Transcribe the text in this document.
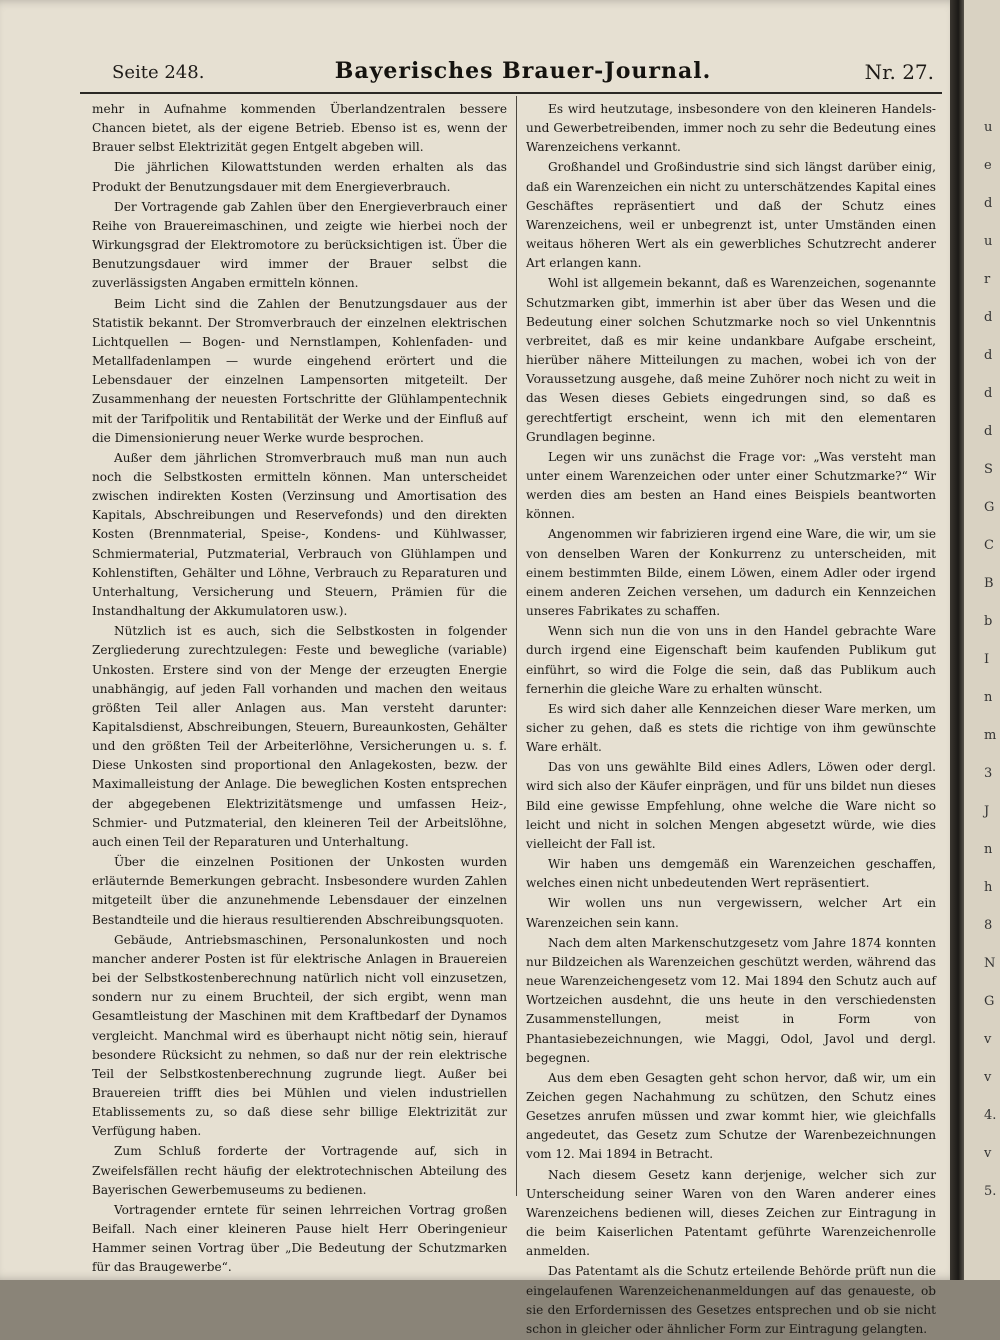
Seite 248.	Bayerisches Brauer-Journal.	Nr. 27.

mehr in Aufnahme kommenden Überlandzentralen bessere Chancen bietet, als der eigene Betrieb. Ebenso ist es, wenn der Brauer selbst Elektrizität gegen Entgelt abgeben will.

Die jährlichen Kilowattstunden werden erhalten als das Produkt der Benutzungsdauer mit dem Energieverbrauch.

Der Vortragende gab Zahlen über den Energieverbrauch einer Reihe von Brauereimaschinen, und zeigte wie hierbei noch der Wirkungsgrad der Elektromotore zu berücksichtigen ist. Über die Benutzungsdauer wird immer der Brauer selbst die zuverlässigsten Angaben ermitteln können.

Beim Licht sind die Zahlen der Benutzungsdauer aus der Statistik bekannt. Der Stromverbrauch der einzelnen elektrischen Lichtquellen — Bogen- und Nernstlampen, Kohlenfaden- und Metallfadenlampen — wurde eingehend erörtert und die Lebensdauer der einzelnen Lampensorten mitgeteilt. Der Zusammenhang der neuesten Fortschritte der Glühlampentechnik mit der Tarifpolitik und Rentabilität der Werke und der Einfluß auf die Dimensionierung neuer Werke wurde besprochen.

Außer dem jährlichen Stromverbrauch muß man nun auch noch die Selbstkosten ermitteln können. Man unterscheidet zwischen indirekten Kosten (Verzinsung und Amortisation des Kapitals, Abschreibungen und Reservefonds) und den direkten Kosten (Brennmaterial, Speise-, Kondens- und Kühlwasser, Schmiermaterial, Putzmaterial, Verbrauch von Glühlampen und Kohlenstiften, Gehälter und Löhne, Verbrauch zu Reparaturen und Unterhaltung, Versicherung und Steuern, Prämien für die Instandhaltung der Akkumulatoren usw.).

Nützlich ist es auch, sich die Selbstkosten in folgender Zergliederung zurechtzulegen: Feste und bewegliche (variable) Unkosten. Erstere sind von der Menge der erzeugten Energie unabhängig, auf jeden Fall vorhanden und machen den weitaus größten Teil aller Anlagen aus. Man versteht darunter: Kapitalsdienst, Abschreibungen, Steuern, Bureaunkosten, Gehälter und den größten Teil der Arbeiterlöhne, Versicherungen u. s. f. Diese Unkosten sind proportional den Anlagekosten, bezw. der Maximalleistung der Anlage. Die beweglichen Kosten entsprechen der abgegebenen Elektrizitätsmenge und umfassen Heiz-, Schmier- und Putzmaterial, den kleineren Teil der Arbeitslöhne, auch einen Teil der Reparaturen und Unterhaltung.

Über die einzelnen Positionen der Unkosten wurden erläuternde Bemerkungen gebracht. Insbesondere wurden Zahlen mitgeteilt über die anzunehmende Lebensdauer der einzelnen Bestandteile und die hieraus resultierenden Abschreibungsquoten.

Gebäude, Antriebsmaschinen, Personalunkosten und noch mancher anderer Posten ist für elektrische Anlagen in Brauereien bei der Selbstkostenberechnung natürlich nicht voll einzusetzen, sondern nur zu einem Bruchteil, der sich ergibt, wenn man Gesamtleistung der Maschinen mit dem Kraftbedarf der Dynamos vergleicht. Manchmal wird es überhaupt nicht nötig sein, hierauf besondere Rücksicht zu nehmen, so daß nur der rein elektrische Teil der Selbstkostenberechnung zugrunde liegt. Außer bei Brauereien trifft dies bei Mühlen und vielen industriellen Etablissements zu, so daß diese sehr billige Elektrizität zur Verfügung haben.

Zum Schluß forderte der Vortragende auf, sich in Zweifelsfällen recht häufig der elektrotechnischen Abteilung des Bayerischen Gewerbemuseums zu bedienen.

Vortragender erntete für seinen lehrreichen Vortrag großen Beifall. Nach einer kleineren Pause hielt Herr Oberingenieur Hammer seinen Vortrag über „Die Bedeutung der Schutzmarken für das Braugewerbe“.

Es wird heutzutage, insbesondere von den kleineren Handels- und Gewerbetreibenden, immer noch zu sehr die Bedeutung eines Warenzeichens verkannt.

Großhandel und Großindustrie sind sich längst darüber einig, daß ein Warenzeichen ein nicht zu unterschätzendes Kapital eines Geschäftes repräsentiert und daß der Schutz eines Warenzeichens, weil er unbegrenzt ist, unter Umständen einen weitaus höheren Wert als ein gewerbliches Schutzrecht anderer Art erlangen kann.

Wohl ist allgemein bekannt, daß es Warenzeichen, sogenannte Schutzmarken gibt, immerhin ist aber über das Wesen und die Bedeutung einer solchen Schutzmarke noch so viel Unkenntnis verbreitet, daß es mir keine undankbare Aufgabe erscheint, hierüber nähere Mitteilungen zu machen, wobei ich von der Voraussetzung ausgehe, daß meine Zuhörer noch nicht zu weit in das Wesen dieses Gebiets eingedrungen sind, so daß es gerechtfertigt erscheint, wenn ich mit den elementaren Grundlagen beginne.

Legen wir uns zunächst die Frage vor: „Was versteht man unter einem Warenzeichen oder unter einer Schutzmarke?“ Wir werden dies am besten an Hand eines Beispiels beantworten können.

Angenommen wir fabrizieren irgend eine Ware, die wir, um sie von denselben Waren der Konkurrenz zu unterscheiden, mit einem bestimmten Bilde, einem Löwen, einem Adler oder irgend einem anderen Zeichen versehen, um dadurch ein Kennzeichen unseres Fabrikates zu schaffen.

Wenn sich nun die von uns in den Handel gebrachte Ware durch irgend eine Eigenschaft beim kaufenden Publikum gut einführt, so wird die Folge die sein, daß das Publikum auch fernerhin die gleiche Ware zu erhalten wünscht.

Es wird sich daher alle Kennzeichen dieser Ware merken, um sicher zu gehen, daß es stets die richtige von ihm gewünschte Ware erhält.

Das von uns gewählte Bild eines Adlers, Löwen oder dergl. wird sich also der Käufer einprägen, und für uns bildet nun dieses Bild eine gewisse Empfehlung, ohne welche die Ware nicht so leicht und nicht in solchen Mengen abgesetzt würde, wie dies vielleicht der Fall ist.

Wir haben uns demgemäß ein Warenzeichen geschaffen, welches einen nicht unbedeutenden Wert repräsentiert.

Wir wollen uns nun vergewissern, welcher Art ein Warenzeichen sein kann.

Nach dem alten Markenschutzgesetz vom Jahre 1874 konnten nur Bildzeichen als Warenzeichen geschützt werden, während das neue Warenzeichengesetz vom 12. Mai 1894 den Schutz auch auf Wortzeichen ausdehnt, die uns heute in den verschiedensten Zusammenstellungen, meist in Form von Phantasiebezeichnungen, wie Maggi, Odol, Javol und dergl. begegnen.

Aus dem eben Gesagten geht schon hervor, daß wir, um ein Zeichen gegen Nachahmung zu schützen, den Schutz eines Gesetzes anrufen müssen und zwar kommt hier, wie gleichfalls angedeutet, das Gesetz zum Schutze der Warenbezeichnungen vom 12. Mai 1894 in Betracht.

Nach diesem Gesetz kann derjenige, welcher sich zur Unterscheidung seiner Waren von den Waren anderer eines Warenzeichens bedienen will, dieses Zeichen zur Eintragung in die beim Kaiserlichen Patentamt geführte Warenzeichenrolle anmelden.

Das Patentamt als die Schutz erteilende Behörde prüft nun die eingelaufenen Warenzeichenanmeldungen auf das genaueste, ob sie den Erfordernissen des Gesetzes entsprechen und ob sie nicht schon in gleicher oder ähnlicher Form zur Eintragung gelangten.

u
e
d
u
r
d
d
d
d
S
G
C
B
b
I
n
m
3
J
n
h
8
N
G
v
v
4.
v
5.
